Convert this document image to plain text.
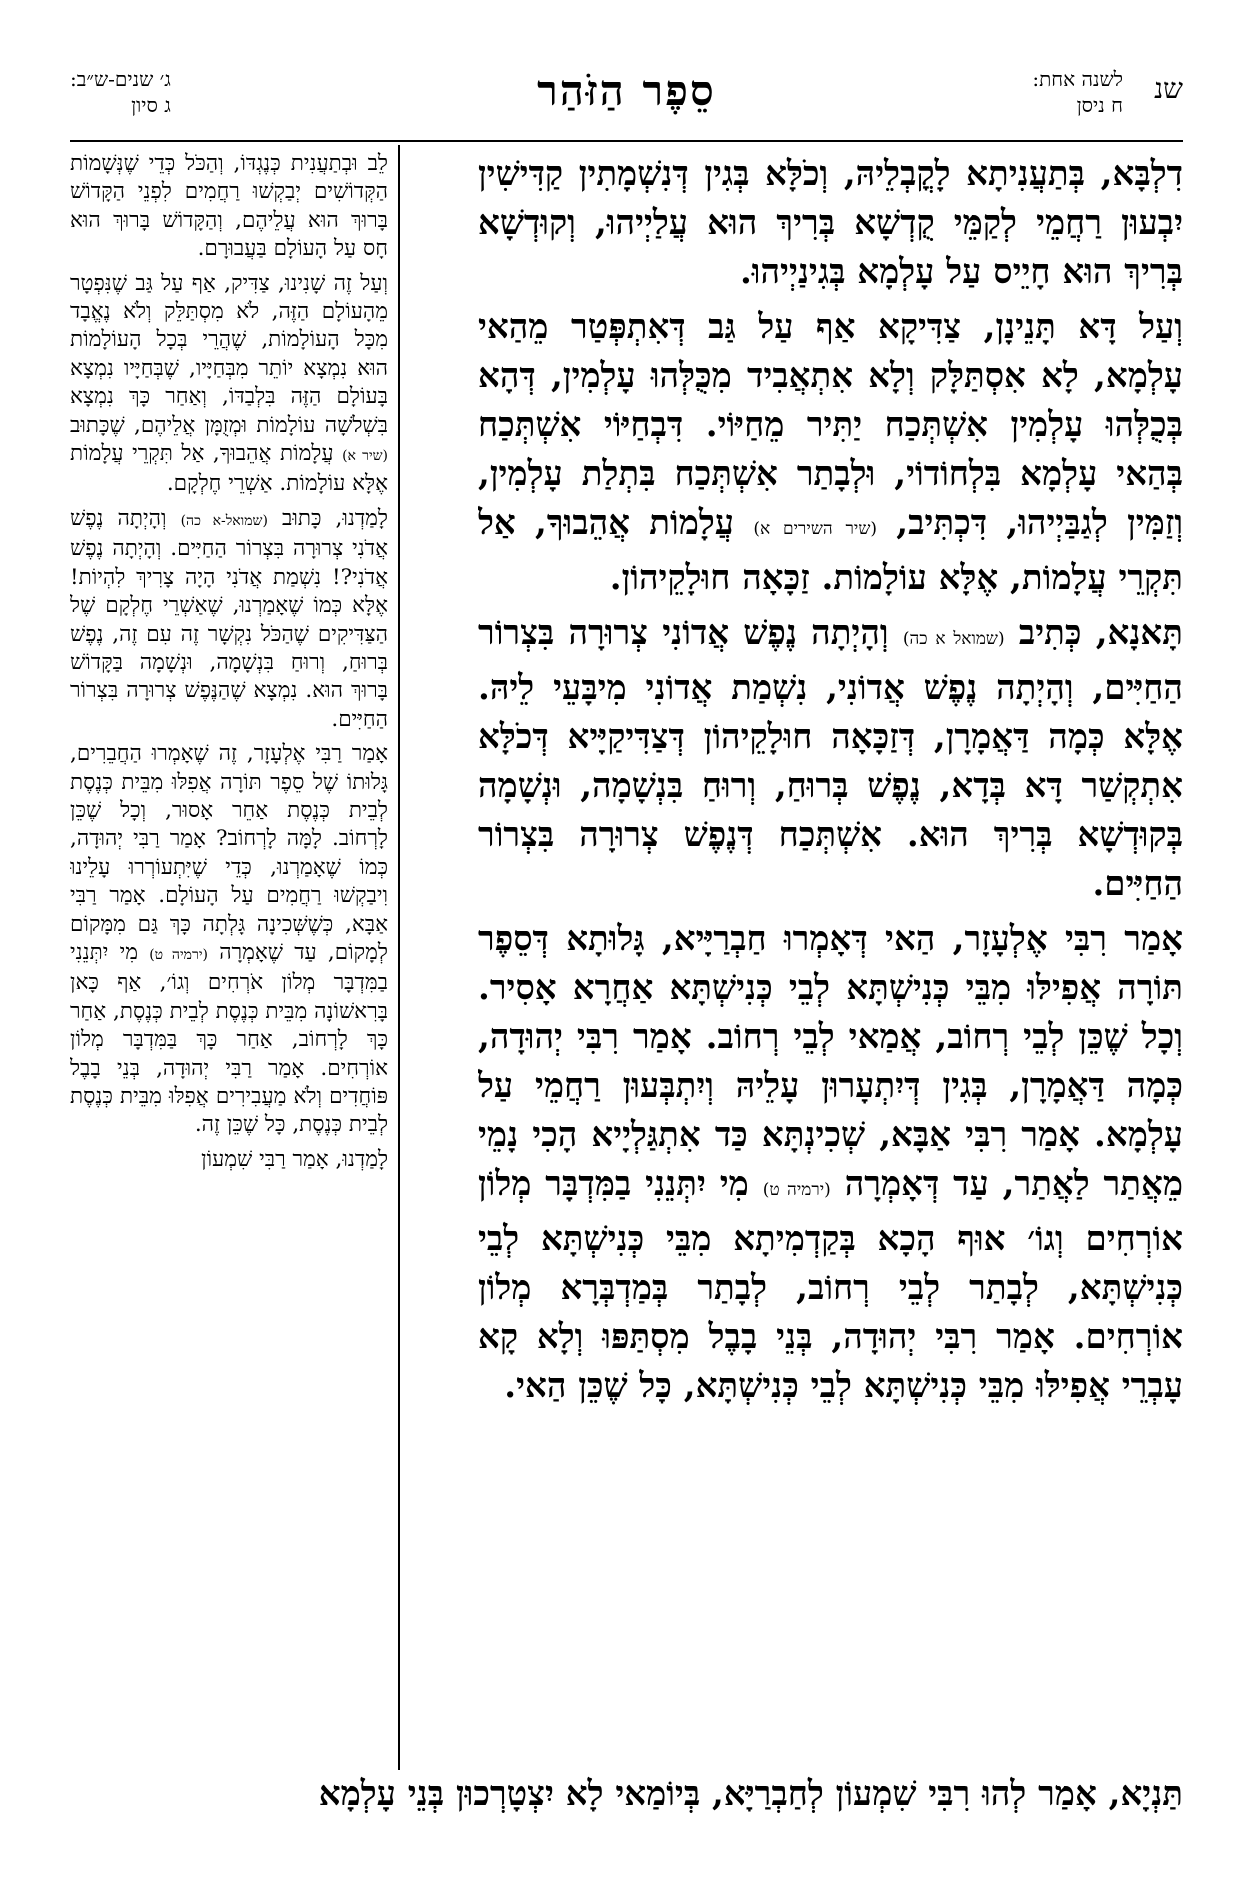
שנ
לשנה אחת:
ח ניסן
סֵפֶר הַזֹּהַר
ג׳ שנים-ש״ב:
ג סיון

דִלְבָּא, בְּתַעֲנִיתָא לָקֳבְלֵיהּ, וְכֹלָּא בְּגִין דְּנִשְׁמָתִין קַדִּישִׁין יִבְעוּן רַחֲמֵי לְקַמֵּי קֻדְשָׁא בְּרִיךְ הוּא עֲלַיְיהוּ, וְקוּדְשָׁא בְּרִיךְ הוּא חָיֵיס עַל עָלְמָא בְּגִינַיְיהוּ.

וְעַל דָּא תָּנֵינָן, צַדִּיקָא אַף עַל גַּב דְּאִתְפְּטַר מֵהַאי עָלְמָא, לָא אִסְתַּלָּק וְלָא אִתְאֲבִיד מִכֻּלְּהוּ עָלְמִין, דְּהָא בְּכֻלְּהוּ עָלְמִין אִשְׁתְּכַח יַתִּיר מֵחַיּוֹי. דִּבְחַיּוֹי אִשְׁתְּכַח בְּהַאי עָלְמָא בִּלְחוֹדוֹי, וּלְבָתַר אִשְׁתְּכַח בִּתְלַת עָלְמִין, וְזַמִּין לְגַבַּיְיהוּ, דִּכְתִּיב, (שיר השירים א) עֲלָמוֹת אֲהֵבוּךָ, אַל תִּקְרֵי עֲלָמוֹת, אֶלָּא עוֹלָמוֹת. זַכָּאָה חוּלָקֵיהוֹן.

תָּאנָא, כְּתִיב (שמואל א כה) וְהָיְתָה נֶפֶשׁ אֲדוֹנִי צְרוּרָה בִּצְרוֹר הַחַיִּים, וְהָיְתָה נֶפֶשׁ אֲדוֹנִי, נִשְׁמַת אֲדוֹנִי מִיבָּעֵי לֵיהּ. אֶלָּא כְּמָה דַּאֲמָרָן, דְּזַכָּאָה חוּלָקֵיהוֹן דְּצַדִּיקַיָּיא דְּכֹלָּא אִתְקְשַׁר דָּא בְּדָא, נֶפֶשׁ בְּרוּחַ, וְרוּחַ בִּנְשָׁמָה, וּנְשָׁמָה בְּקוּדְשָׁא בְּרִיךְ הוּא. אִשְׁתְּכַח דְּנֶפֶשׁ צְרוּרָה בִּצְרוֹר הַחַיִּים.

אָמַר רִבִּי אֶלְעָזָר, הַאי דְּאָמְרוּ חַבְרַיָּיא, גָּלוּתָא דְּסֵפֶר תּוֹרָה אֲפִילּוּ מִבֵּי כְּנִישְׁתָּא לְבֵי כְּנִישְׁתָּא אַחֲרָא אָסִיר. וְכָל שֶׁכֵּן לְבֵי רְחוֹב, אֲמַאי לְבֵי רְחוֹב. אָמַר רִבִּי יְהוּדָה, כְּמָה דַּאֲמָרָן, בְּגִין דְּיִתְעָרוּן עָלֵיהּ וְיִתְבְּעוּן רַחֲמֵי עַל עָלְמָא. אָמַר רִבִּי אַבָּא, שְׁכִינְתָּא כַּד אִתְגַּלְיָיא הָכִי נָמֵי מֵאֲתַר לַאֲתַר, עַד דְּאָמְרָה (ירמיה ט) מִי יִתְּנֵנִי בַמִּדְבָּר מְלוֹן אוֹרְחִים וְגוֹ׳ אוּף הָכָא בְּקַדְמִיתָא מִבֵּי כְּנִישְׁתָּא לְבֵי כְּנִישְׁתָּא, לְבָתַר לְבֵי רְחוֹב, לְבָתַר בְּמַדְבְּרָא מְלוֹן אוֹרְחִים. אָמַר רִבִּי יְהוּדָה, בְּנֵי בָבֶל מִסְתַּפּוּ וְלָא קָא עָבְרֵי אֲפִילּוּ מִבֵּי כְּנִישְׁתָּא לְבֵי כְּנִישְׁתָּא, כָּל שֶׁכֵּן הַאי.

לֵב וּבְתַעֲנִית כְּנֶגְדּוֹ, וְהַכֹּל כְּדֵי שֶׁנְּשָׁמוֹת הַקְּדוֹשִׁים יְבַקְשׁוּ רַחֲמִים לִפְנֵי הַקָּדוֹשׁ בָּרוּךְ הוּא עֲלֵיהֶם, וְהַקָּדוֹשׁ בָּרוּךְ הוּא חָס עַל הָעוֹלָם בַּעֲבוּרָם.

וְעַל זֶה שָׁנִינוּ, צַדִּיק, אַף עַל גַּב שֶׁנִּפְטָר מֵהָעוֹלָם הַזֶּה, לֹא מִסְתַּלֵּק וְלֹא נֶאֱבָד מִכָּל הָעוֹלָמוֹת, שֶׁהֲרֵי בְּכָל הָעוֹלָמוֹת הוּא נִמְצָא יוֹתֵר מִבְּחַיָּיו, שֶׁבְּחַיָּיו נִמְצָא בָּעוֹלָם הַזֶּה בִּלְבַדּוֹ, וְאַחַר כָּךְ נִמְצָא בִּשְׁלֹשָׁה עוֹלָמוֹת וּמְזֻמָּן אֲלֵיהֶם, שֶׁכָּתוּב (שיר א) עֲלָמוֹת אֲהֵבוּךָ, אַל תִּקְרֵי עֲלָמוֹת אֶלָּא עוֹלָמוֹת. אַשְׁרֵי חֶלְקָם.

לָמַדְנוּ, כָּתוּב (שמואל-א כה) וְהָיְתָה נֶפֶשׁ אֲדֹנִי צְרוּרָה בִּצְרוֹר הַחַיִּים. וְהָיְתָה נֶפֶשׁ אֲדֹנִי?! נִשְׁמַת אֲדֹנִי הָיָה צָרִיךְ לִהְיוֹת! אֶלָּא כְּמוֹ שֶׁאָמַרְנוּ, שֶׁאַשְׁרֵי חֶלְקָם שֶׁל הַצַּדִּיקִים שֶׁהַכֹּל נִקְשָׁר זֶה עִם זֶה, נֶפֶשׁ בְּרוּחַ, וְרוּחַ בִּנְשָׁמָה, וּנְשָׁמָה בַּקָּדוֹשׁ בָּרוּךְ הוּא. נִמְצָא שֶׁהַנֶּפֶשׁ צְרוּרָה בִּצְרוֹר הַחַיִּים.

אָמַר רַבִּי אֶלְעָזָר, זֶה שֶׁאָמְרוּ הַחֲבֵרִים, גָּלוּתוֹ שֶׁל סֵפֶר תּוֹרָה אֲפִלּוּ מִבֵּית כְּנֶסֶת לְבֵית כְּנֶסֶת אַחֵר אָסוּר, וְכָל שֶׁכֵּן לָרְחוֹב. לָמָּה לָרְחוֹב? אָמַר רַבִּי יְהוּדָה, כְּמוֹ שֶׁאָמַרְנוּ, כְּדֵי שֶׁיִּתְעוֹרְרוּ עָלֵינוּ וִיבַקְשׁוּ רַחֲמִים עַל הָעוֹלָם. אָמַר רַבִּי אַבָּא, כְּשֶׁשְּׁכִינָה גָּלְתָה כָּךְ גַּם מִמָּקוֹם לְמָקוֹם, עַד שֶׁאָמְרָה (ירמיה ט) מִי יִתְּנֵנִי בַמִּדְבָּר מְלוֹן אֹרְחִים וְגוֹ׳, אַף כָּאן בָּרִאשׁוֹנָה מִבֵּית כְּנֶסֶת לְבֵית כְּנֶסֶת, אַחַר כָּךְ לָרְחוֹב, אַחַר כָּךְ בַּמִּדְבָּר מְלוֹן אוֹרְחִים. אָמַר רַבִּי יְהוּדָה, בְּנֵי בָבֶל פּוֹחֲדִים וְלֹא מַעֲבִירִים אֲפִלּוּ מִבֵּית כְּנֶסֶת לְבֵית כְּנֶסֶת, כָּל שֶׁכֵּן זֶה.

לָמַדְנוּ, אָמַר רַבִּי שִׁמְעוֹן

תַּנְיָא, אָמַר לְהוּ רִבִּי שִׁמְעוֹן לְחַבְרַיָּא, בְּיוֹמַאי לָא יִצְטָרְכוּן בְּנֵי עָלְמָא
